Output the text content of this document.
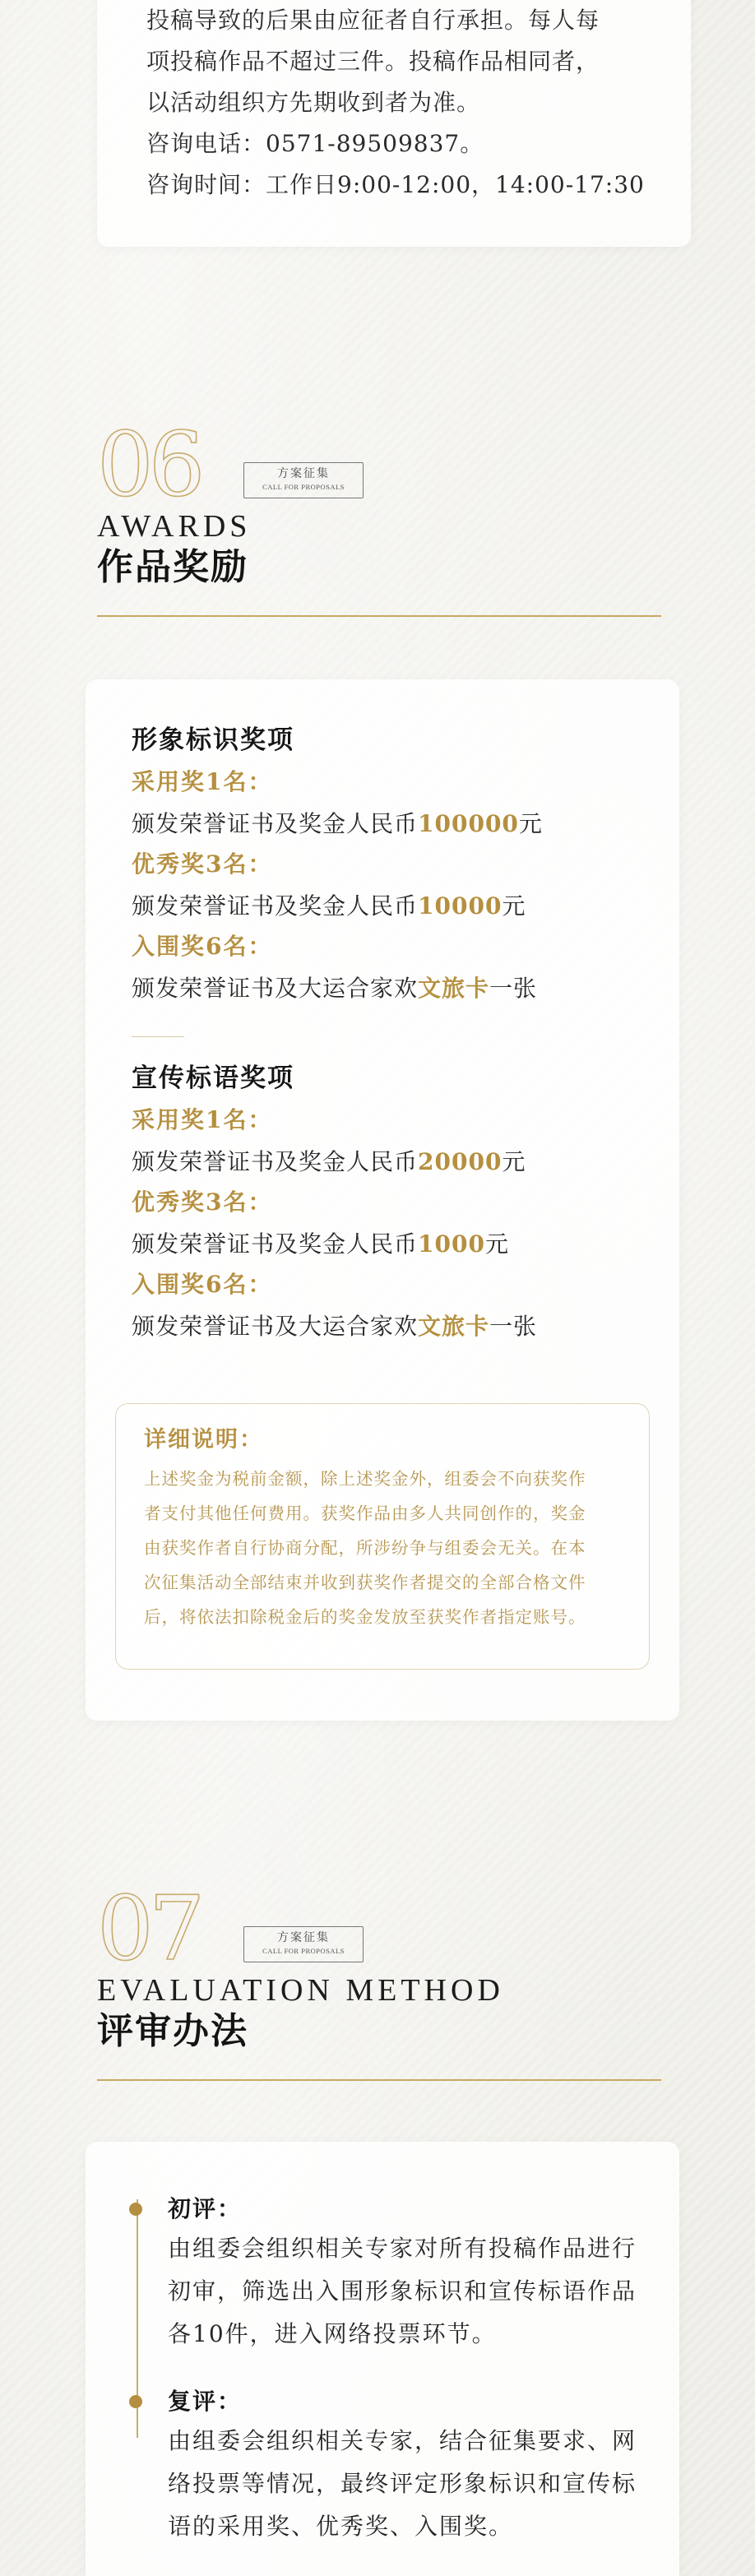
投稿导致的后果由应征者自行承担。每人每

项投稿作品不超过三件。投稿作品相同者，

以活动组织方先期收到者为准。

咨询电话：0571-89509837。

咨询时间：工作日9:00-12:00，14:00-17:30

06	方案征集
CALL FOR PROPOSALS
AWARDS
作品奖励
形象标识奖项
采用奖1名：
颁发荣誉证书及奖金人民币100000元
优秀奖3名：
颁发荣誉证书及奖金人民币10000元
入围奖6名：
颁发荣誉证书及大运合家欢文旅卡一张
宣传标语奖项
采用奖1名：
颁发荣誉证书及奖金人民币20000元
优秀奖3名：
颁发荣誉证书及奖金人民币1000元
入围奖6名：
颁发荣誉证书及大运合家欢文旅卡一张
详细说明：
上述奖金为税前金额，除上述奖金外，组委会不向获奖作
者支付其他任何费用。获奖作品由多人共同创作的，奖金
由获奖作者自行协商分配，所涉纷争与组委会无关。在本
次征集活动全部结束并收到获奖作者提交的全部合格文件
后，将依法扣除税金后的奖金发放至获奖作者指定账号。
07	方案征集
CALL FOR PROPOSALS
EVALUATION METHOD
评审办法
初评：
由组委会组织相关专家对所有投稿作品进行
初审，筛选出入围形象标识和宣传标语作品
各10件，进入网络投票环节。
复评：
由组委会组织相关专家，结合征集要求、网
络投票等情况，最终评定形象标识和宣传标
语的采用奖、优秀奖、入围奖。
